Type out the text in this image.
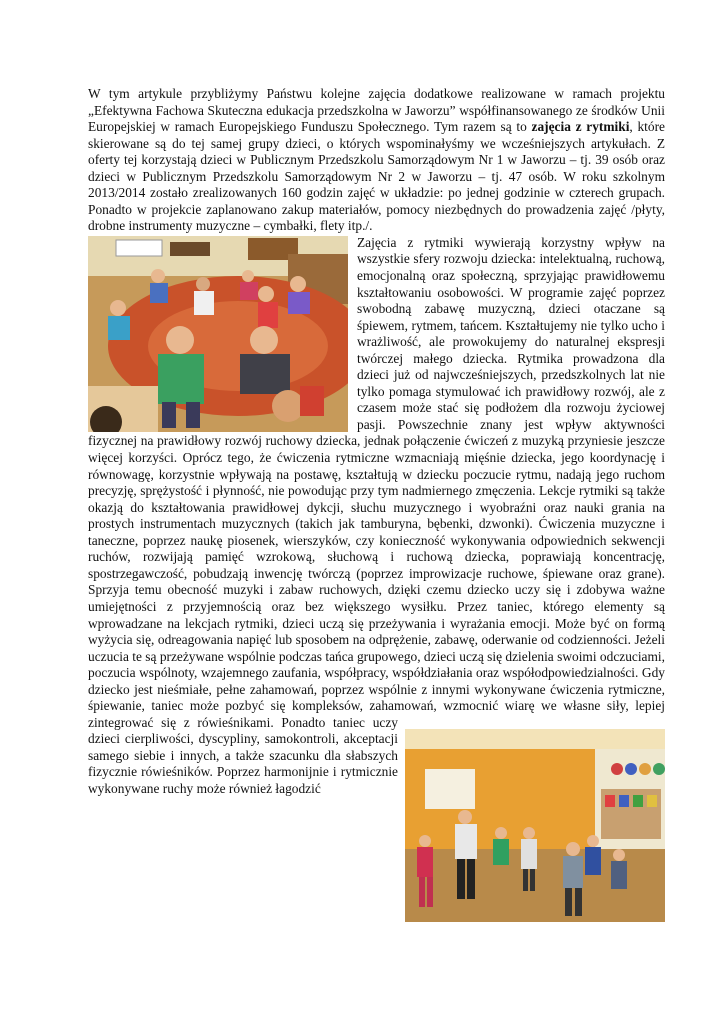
W tym artykule przybliżymy Państwu kolejne zajęcia dodatkowe realizowane w ramach projektu „Efektywna Fachowa Skuteczna edukacja przedszkolna w Jaworzu” współfinansowanego ze środków Unii Europejskiej w ramach Europejskiego Funduszu Społecznego. Tym razem są to zajęcia z rytmiki, które skierowane są do tej samej grupy dzieci, o których wspominałyśmy we wcześniejszych artykułach. Z oferty tej korzystają dzieci w Publicznym Przedszkolu Samorządowym Nr 1 w Jaworzu – tj. 39 osób oraz dzieci w Publicznym Przedszkolu Samorządowym Nr 2 w Jaworzu – tj. 47 osób. W roku szkolnym 2013/2014 zostało zrealizowanych 160 godzin zajęć w układzie: po jednej godzinie w czterech grupach. Ponadto w projekcie zaplanowano zakup materiałów, pomocy niezbędnych do prowadzenia zajęć /płyty, drobne instrumenty muzyczne – cymbałki, flety itp./.

Zajęcia z rytmiki wywierają korzystny wpływ na wszystkie sfery rozwoju dziecka: intelektualną, ruchową, emocjonalną oraz społeczną, sprzyjając prawidłowemu kształtowaniu osobowości. W programie zajęć poprzez swobodną zabawę muzyczną, dzieci otaczane są śpiewem, rytmem, tańcem. Kształtujemy nie tylko ucho i wrażliwość, ale prowokujemy do naturalnej ekspresji twórczej małego dziecka. Rytmika prowadzona dla dzieci już od najwcześniejszych, przedszkolnych lat nie tylko pomaga stymulować ich prawidłowy rozwój, ale z czasem może stać się podłożem dla rozwoju życiowej pasji. Powszechnie znany jest wpływ aktywności fizycznej na prawidłowy rozwój ruchowy dziecka, jednak połączenie ćwiczeń z muzyką przyniesie jeszcze więcej korzyści. Oprócz tego, że ćwiczenia rytmiczne wzmacniają mięśnie dziecka, jego koordynację i równowagę, korzystnie wpływają na postawę, kształtują w dziecku poczucie rytmu, nadają jego ruchom precyzję, sprężystość i płynność, nie powodując przy tym nadmiernego zmęczenia. Lekcje rytmiki są także okazją do kształtowania prawidłowej dykcji, słuchu muzycznego i wyobraźni oraz nauki grania na prostych instrumentach muzycznych (takich jak tamburyna, bębenki, dzwonki). Ćwiczenia muzyczne i taneczne, poprzez naukę piosenek, wierszyków, czy konieczność wykonywania odpowiednich sekwencji ruchów, rozwijają pamięć wzrokową, słuchową i ruchową dziecka, poprawiają koncentrację, spostrzegawczość, pobudzają inwencję twórczą (poprzez improwizacje ruchowe, śpiewane oraz grane). Sprzyja temu obecność muzyki i zabaw ruchowych, dzięki czemu dziecko uczy się i zdobywa ważne umiejętności z przyjemnością oraz bez większego wysiłku. Przez taniec, którego elementy są wprowadzane na lekcjach rytmiki, dzieci uczą się przeżywania i wyrażania emocji. Może być on formą wyżycia się, odreagowania napięć lub sposobem na odprężenie, zabawę, oderwanie od codzienności. Jeżeli uczucia te są przeżywane wspólnie podczas tańca grupowego, dzieci uczą się dzielenia swoimi odczuciami, poczucia wspólnoty, wzajemnego zaufania, współpracy, współdziałania oraz współodpowiedzialności. Gdy dziecko jest nieśmiałe, pełne zahamowań, poprzez wspólnie z innymi wykonywane ćwiczenia rytmiczne, śpiewanie, taniec może pozbyć się kompleksów, zahamowań, wzmocnić wiarę we własne siły, lepiej zintegrować się z rówieśnikami. Ponadto taniec uczy dzieci cierpliwości, dyscypliny, samokontroli, akceptacji samego siebie i innych, a także szacunku dla słabszych fizycznie rówieśników. Poprzez harmonijnie i rytmicznie wykonywane ruchy może również łagodzić
